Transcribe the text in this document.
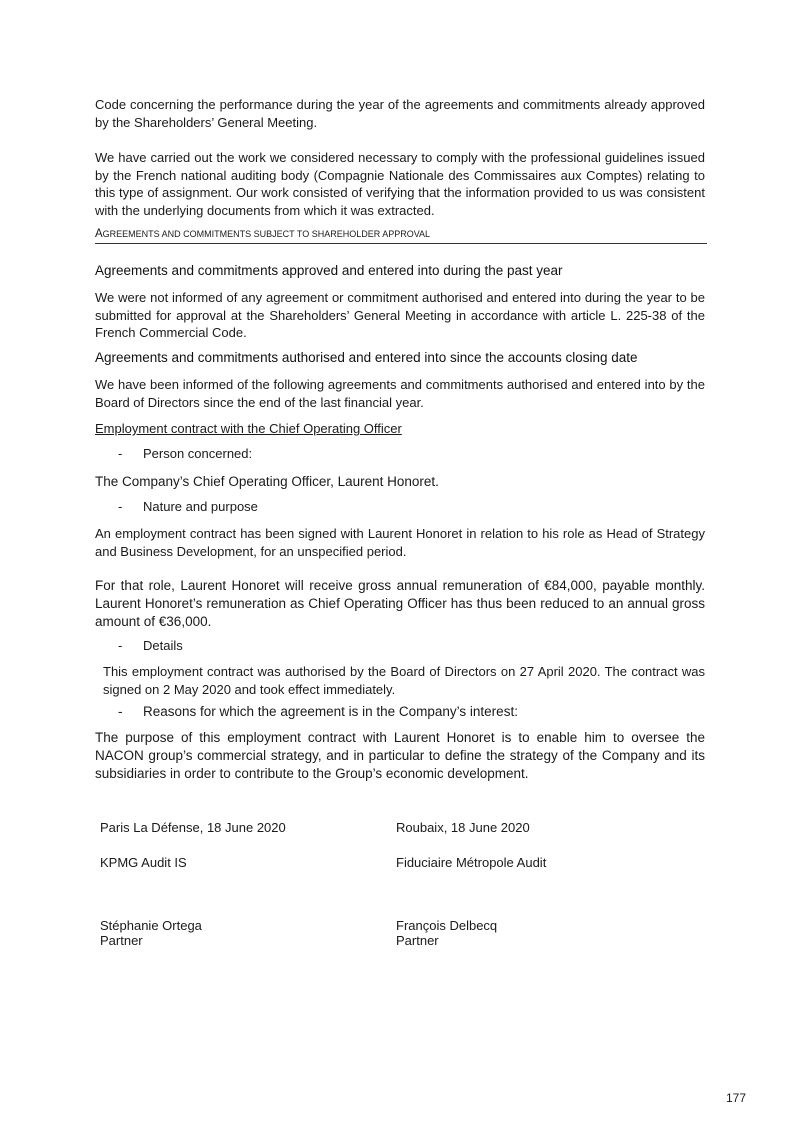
Code concerning the performance during the year of the agreements and commitments already approved by the Shareholders’ General Meeting.

We have carried out the work we considered necessary to comply with the professional guidelines issued by the French national auditing body (Compagnie Nationale des Commissaires aux Comptes) relating to this type of assignment. Our work consisted of verifying that the information provided to us was consistent with the underlying documents from which it was extracted.

AGREEMENTS AND COMMITMENTS SUBJECT TO SHAREHOLDER APPROVAL
Agreements and commitments approved and entered into during the past year

We were not informed of any agreement or commitment authorised and entered into during the year to be submitted for approval at the Shareholders’ General Meeting in accordance with article L. 225-38 of the French Commercial Code.

Agreements and commitments authorised and entered into since the accounts closing date

We have been informed of the following agreements and commitments authorised and entered into by the Board of Directors since the end of the last financial year.

Employment contract with the Chief Operating Officer
- Person concerned:

The Company’s Chief Operating Officer, Laurent Honoret.

- Nature and purpose

An employment contract has been signed with Laurent Honoret in relation to his role as Head of Strategy and Business Development, for an unspecified period.

For that role, Laurent Honoret will receive gross annual remuneration of €84,000, payable monthly. Laurent Honoret’s remuneration as Chief Operating Officer has thus been reduced to an annual gross amount of €36,000.

- Details

This employment contract was authorised by the Board of Directors on 27 April 2020. The contract was signed on 2 May 2020 and took effect immediately.

- Reasons for which the agreement is in the Company’s interest:

The purpose of this employment contract with Laurent Honoret is to enable him to oversee the NACON group’s commercial strategy, and in particular to define the strategy of the Company and its subsidiaries in order to contribute to the Group’s economic development.

Paris La Défense, 18 June 2020	Roubaix, 18 June 2020
KPMG Audit IS	Fiduciaire Métropole Audit
Stéphanie Ortega
Partner
François Delbecq
Partner
177
